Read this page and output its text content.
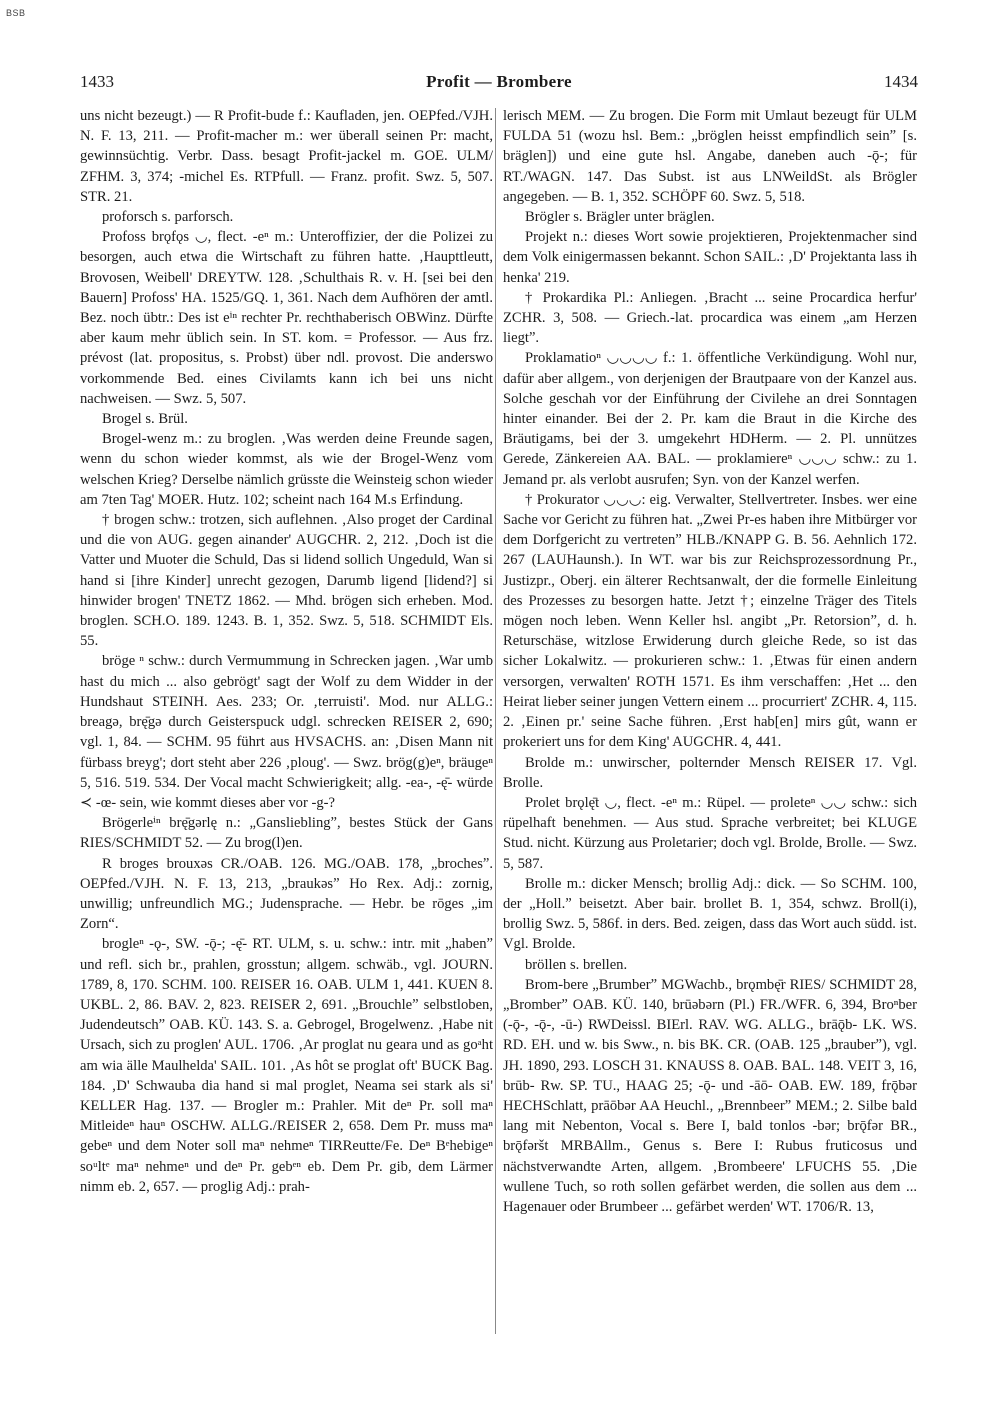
BSB
1433	Profit — Brombere	1434

uns nicht bezeugt.) — R Profit-bude f.: Kaufladen, jen. OEPfed./VJH. N. F. 13, 211. — Profit-macher m.: wer überall seinen Pr: macht, gewinnsüchtig. Verbr. Dass. besagt Profit-jackel m. GOE. ULM/ ZFHM. 3, 374; -michel Es. RTPfull. — Franz. profit. Swz. 5, 507. STR. 21.

proforsch s. parforsch.

Profoss brǫfǫs ◡, flect. -eⁿ m.: Unteroffizier, der die Polizei zu besorgen, auch etwa die Wirtschaft zu führen hatte. ‚Haupttleutt, Brovosen, Weibell' DREYTW. 128. ‚Schulthais R. v. H. [sei bei den Bauern] Profoss' HA. 1525/GQ. 1, 361. Nach dem Aufhören der amtl. Bez. noch übtr.: Des ist eⁱⁿ rechter Pr. rechthaberisch OBWinz. Dürfte aber kaum mehr üblich sein. In ST. kom. = Professor. — Aus frz. prévost (lat. propositus, s. Probst) über ndl. provost. Die anderswo vorkommende Bed. eines Civilamts kann ich bei uns nicht nachweisen. — Swz. 5, 507.

Brogel s. Brül.

Brogel-wenz m.: zu broglen. ‚Was werden deine Freunde sagen, wenn du schon wieder kommst, als wie der Brogel-Wenz vom welschen Krieg? Derselbe nämlich grüsste die Weinsteig schon wieder am 7ten Tag' MOER. Hutz. 102; scheint nach 164 M.s Erfindung.

† brogen schw.: trotzen, sich auflehnen. ‚Also proget der Cardinal und die von AUG. gegen ainander' AUGCHR. 2, 212. ‚Doch ist die Vatter und Muoter die Schuld, Das si lidend sollich Ungeduld, Wan si hand si [ihre Kinder] unrecht gezogen, Darumb ligend [lidend?] si hinwider brogen' TNETZ 1862. — Mhd. brögen sich erheben. Mod. broglen. SCH.O. 189. 1243. B. 1, 352. Swz. 5, 518. SCHMIDT Els. 55.

bröge ⁿ schw.: durch Vermummung in Schrecken jagen. ‚War umb hast du mich ... also gebrögt' sagt der Wolf zu dem Widder in der Hundshaut STEINH. Aes. 233; Or. ‚terruisti'. Mod. nur ALLG.: breagə, brę̄gə durch Geisterspuck udgl. schrecken REISER 2, 690; vgl. 1, 84. — SCHM. 95 führt aus HVSACHS. an: ‚Disen Mann nit fürbass breyg'; dort steht aber 226 ‚ploug'. — Swz. brög(g)eⁿ, bräugeⁿ 5, 516. 519. 534. Der Vocal macht Schwierigkeit; allg. -ea-, -ę̄- würde ≺ -œ- sein, wie kommt dieses aber vor -g-?

Brögerleⁱⁿ brę̄gərlę n.: „Ganslieblingˮ, bestes Stück der Gans RIES/SCHMIDT 52. — Zu brog(l)en.

R broges brouxəs CR./OAB. 126. MG./OAB. 178, „brochesˮ. OEPfed./VJH. N. F. 13, 213, „braukəsˮ Ho Rex. Adj.: zornig, unwillig; unfreundlich MG.; Judensprache. — Hebr. be rōges „im Zorn“.

brogleⁿ -ǫ-, SW. -ǭ-; -ę̄- RT. ULM, s. u. schw.: intr. mit „habenˮ und refl. sich br., prahlen, grosstun; allgem. schwäb., vgl. JOURN. 1789, 8, 170. SCHM. 100. REISER 16. OAB. ULM 1, 441. KUEN 8. UKBL. 2, 86. BAV. 2, 823. REISER 2, 691. „Brouchleˮ selbstloben, Judendeutschˮ OAB. KÜ. 143. S. a. Gebrogel, Brogelwenz. ‚Habe nit Ursach, sich zu proglen' AUL. 1706. ‚Ar proglat nu geara und as goᵃht am wia älle Maulhelda' SAIL. 101. ‚As hôt se proglat oft' BUCK Bag. 184. ‚D' Schwauba dia hand si mal proglet, Neama sei stark als si' KELLER Hag. 137. — Brogler m.: Prahler. Mit deⁿ Pr. soll maⁿ Mitleideⁿ hauⁿ OSCHW. ALLG./REISER 2, 658. Dem Pr. muss maⁿ gebeⁿ und dem Noter soll maⁿ nehmeⁿ TIRReutte/Fe. Deⁿ Bᵉhebigeⁿ soᵘltᵉ maⁿ nehmeⁿ und deⁿ Pr. gebᵉⁿ eb. Dem Pr. gib, dem Lärmer nimm eb. 2, 657. — proglig Adj.: prah-

lerisch MEM. — Zu brogen. Die Form mit Umlaut bezeugt für ULM FULDA 51 (wozu hsl. Bem.: „bröglen heisst empfindlich seinˮ [s. bräglen]) und eine gute hsl. Angabe, daneben auch -ǭ-; für RT./WAGN. 147. Das Subst. ist aus LNWeildSt. als Brögler angegeben. — B. 1, 352. SCHÖPF 60. Swz. 5, 518.

Brögler s. Brägler unter bräglen.

Projekt n.: dieses Wort sowie projektieren, Projektenmacher sind dem Volk einigermassen bekannt. Schon SAIL.: ‚D' Projektanta lass ih henka' 219.

† Prokardika Pl.: Anliegen. ‚Bracht ... seine Procardica herfur' ZCHR. 3, 508. — Griech.-lat. procardica was einem „am Herzen liegtˮ.

Proklamatioⁿ ◡◡◡◡ f.: 1. öffentliche Verkündigung. Wohl nur, dafür aber allgem., von derjenigen der Brautpaare von der Kanzel aus. Solche geschah vor der Einführung der Civilehe an drei Sonntagen hinter einander. Bei der 2. Pr. kam die Braut in die Kirche des Bräutigams, bei der 3. umgekehrt HDHerm. — 2. Pl. unnützes Gerede, Zänkereien AA. BAL. — proklamiereⁿ ◡◡◡ schw.: zu 1. Jemand pr. als verlobt ausrufen; Syn. von der Kanzel werfen.

† Prokurator ◡◡◡: eig. Verwalter, Stellvertreter. Insbes. wer eine Sache vor Gericht zu führen hat. „Zwei Pr-es haben ihre Mitbürger vor dem Dorfgericht zu vertretenˮ HLB./KNAPP G. B. 56. Aehnlich 172. 267 (LAUHaunsh.). In WT. war bis zur Reichsprozessordnung Pr., Justizpr., Oberj. ein älterer Rechtsanwalt, der die formelle Einleitung des Prozesses zu besorgen hatte. Jetzt †; einzelne Träger des Titels mögen noch leben. Wenn Keller hsl. angibt „Pr. Retorsionˮ, d. h. Returschäse, witzlose Erwiderung durch gleiche Rede, so ist das sicher Lokalwitz. — prokurieren schw.: 1. ‚Etwas für einen andern versorgen, verwalten' ROTH 1571. Es ihm verschaffen: ‚Het ... den Heirat lieber seiner jungen Vettern einem ... procurriert' ZCHR. 4, 115. 2. ‚Einen pr.' seine Sache führen. ‚Erst hab[en] mirs gût, wann er prokeriert uns for dem King' AUGCHR. 4, 441.

Brolde m.: unwirscher, polternder Mensch REISER 17. Vgl. Brolle.

Prolet brǫlę̄t ◡, flect. -eⁿ m.: Rüpel. — proleteⁿ ◡◡ schw.: sich rüpelhaft benehmen. — Aus stud. Sprache verbreitet; bei KLUGE Stud. nicht. Kürzung aus Proletarier; doch vgl. Brolde, Brolle. — Swz. 5, 587.

Brolle m.: dicker Mensch; brollig Adj.: dick. — So SCHM. 100, der „Holl.ˮ beisetzt. Aber bair. brollet B. 1, 354, schwz. Broll(i), brollig Swz. 5, 586f. in ders. Bed. zeigen, dass das Wort auch südd. ist. Vgl. Brolde.

bröllen s. brellen.

Brom-bere „Brumberˮ MGWachb., brǫmbę̄r RIES/ SCHMIDT 28, „Bromberˮ OAB. KÜ. 140, brūəbərn (Pl.) FR./WFR. 6, 394, Broⁿber (-ǭ-, -ǭ-, -ū-) RWDeissl. BIErl. RAV. WG. ALLG., brāǭb- LK. WS. RD. EH. und w. bis Sww., n. bis BK. CR. (OAB. 125 „brauberˮ), vgl. JH. 1890, 293. LOSCH 31. KNAUSS 8. OAB. BAL. 148. VEIT 3, 16, brūb- Rw. SP. TU., HAAG 25; -ǭ- und -āō- OAB. EW. 189, frǭbər HECHSchlatt, prāōbər AA Heuchl., „Brennbeerˮ MEM.; 2. Silbe bald lang mit Nebenton, Vocal s. Bere I, bald tonlos -bər; brǭfər BR., brǭfəršt MRBAllm., Genus s. Bere I: Rubus fruticosus und nächstverwandte Arten, allgem. ‚Brombeere' LFUCHS 55. ‚Die wullene Tuch, so roth sollen gefärbet werden, die sollen aus dem ... Hagenauer oder Brumbeer ... gefärbet werden' WT. 1706/R. 13,
